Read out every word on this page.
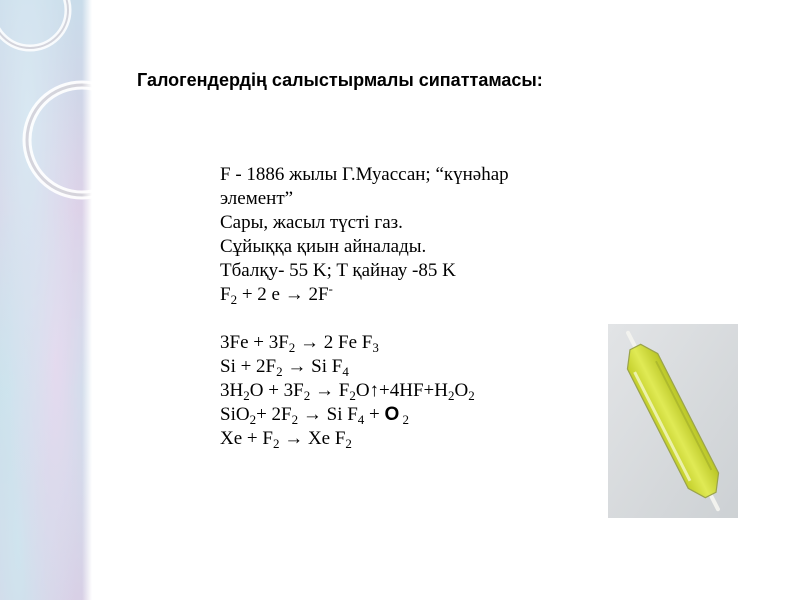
Галогендердің салыстырмалы сипаттамасы:
F - 1886 жылы Г.Муассан; “күнәһар
элемент”
Сары, жасыл түсті газ.
Сұйыққа қиын айналады.
Tбалқу- 55 K; T қайнау -85 K
$F_2 + 2$ e → 2F-
$3Fe + 3F_2 \to 2$ Fe $F_3$
$Si + 2F_2 \to Si$ $F_4$
$3H_2O + 3F_2$ → $F_2O↑+4HF+H_2O_2$
$SiO_2+ 2F_2 \to Si$ $F_4 + O$ $_2$
$Xe + F_2 \to Xe$ $F_2$
